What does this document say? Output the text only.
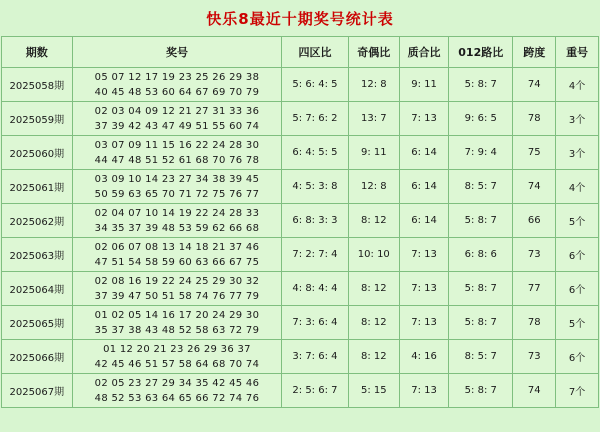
快乐8最近十期奖号统计表
期数	奖号	四区比	奇偶比	质合比	012路比	跨度	重号
2025058期	05 07 12 17 19 23 25 26 29 38
40 45 48 53 60 64 67 69 70 79	5: 6: 4: 5	12: 8	9: 11	5: 8: 7	74	4个
2025059期	02 03 04 09 12 21 27 31 33 36
37 39 42 43 47 49 51 55 60 74	5: 7: 6: 2	13: 7	7: 13	9: 6: 5	78	3个
2025060期	03 07 09 11 15 16 22 24 28 30
44 47 48 51 52 61 68 70 76 78	6: 4: 5: 5	9: 11	6: 14	7: 9: 4	75	3个
2025061期	03 09 10 14 23 27 34 38 39 45
50 59 63 65 70 71 72 75 76 77	4: 5: 3: 8	12: 8	6: 14	8: 5: 7	74	4个
2025062期	02 04 07 10 14 19 22 24 28 33
34 35 37 39 48 53 59 62 66 68	6: 8: 3: 3	8: 12	6: 14	5: 8: 7	66	5个
2025063期	02 06 07 08 13 14 18 21 37 46
47 51 54 58 59 60 63 66 67 75	7: 2: 7: 4	10: 10	7: 13	6: 8: 6	73	6个
2025064期	02 08 16 19 22 24 25 29 30 32
37 39 47 50 51 58 74 76 77 79	4: 8: 4: 4	8: 12	7: 13	5: 8: 7	77	6个
2025065期	01 02 05 14 16 17 20 24 29 30
35 37 38 43 48 52 58 63 72 79	7: 3: 6: 4	8: 12	7: 13	5: 8: 7	78	5个
2025066期	01 12 20 21 23 26 29 36 37
42 45 46 51 57 58 64 68 70 74	3: 7: 6: 4	8: 12	4: 16	8: 5: 7	73	6个
2025067期	02 05 23 27 29 34 35 42 45 46
48 52 53 63 64 65 66 72 74 76	2: 5: 6: 7	5: 15	7: 13	5: 8: 7	74	7个
